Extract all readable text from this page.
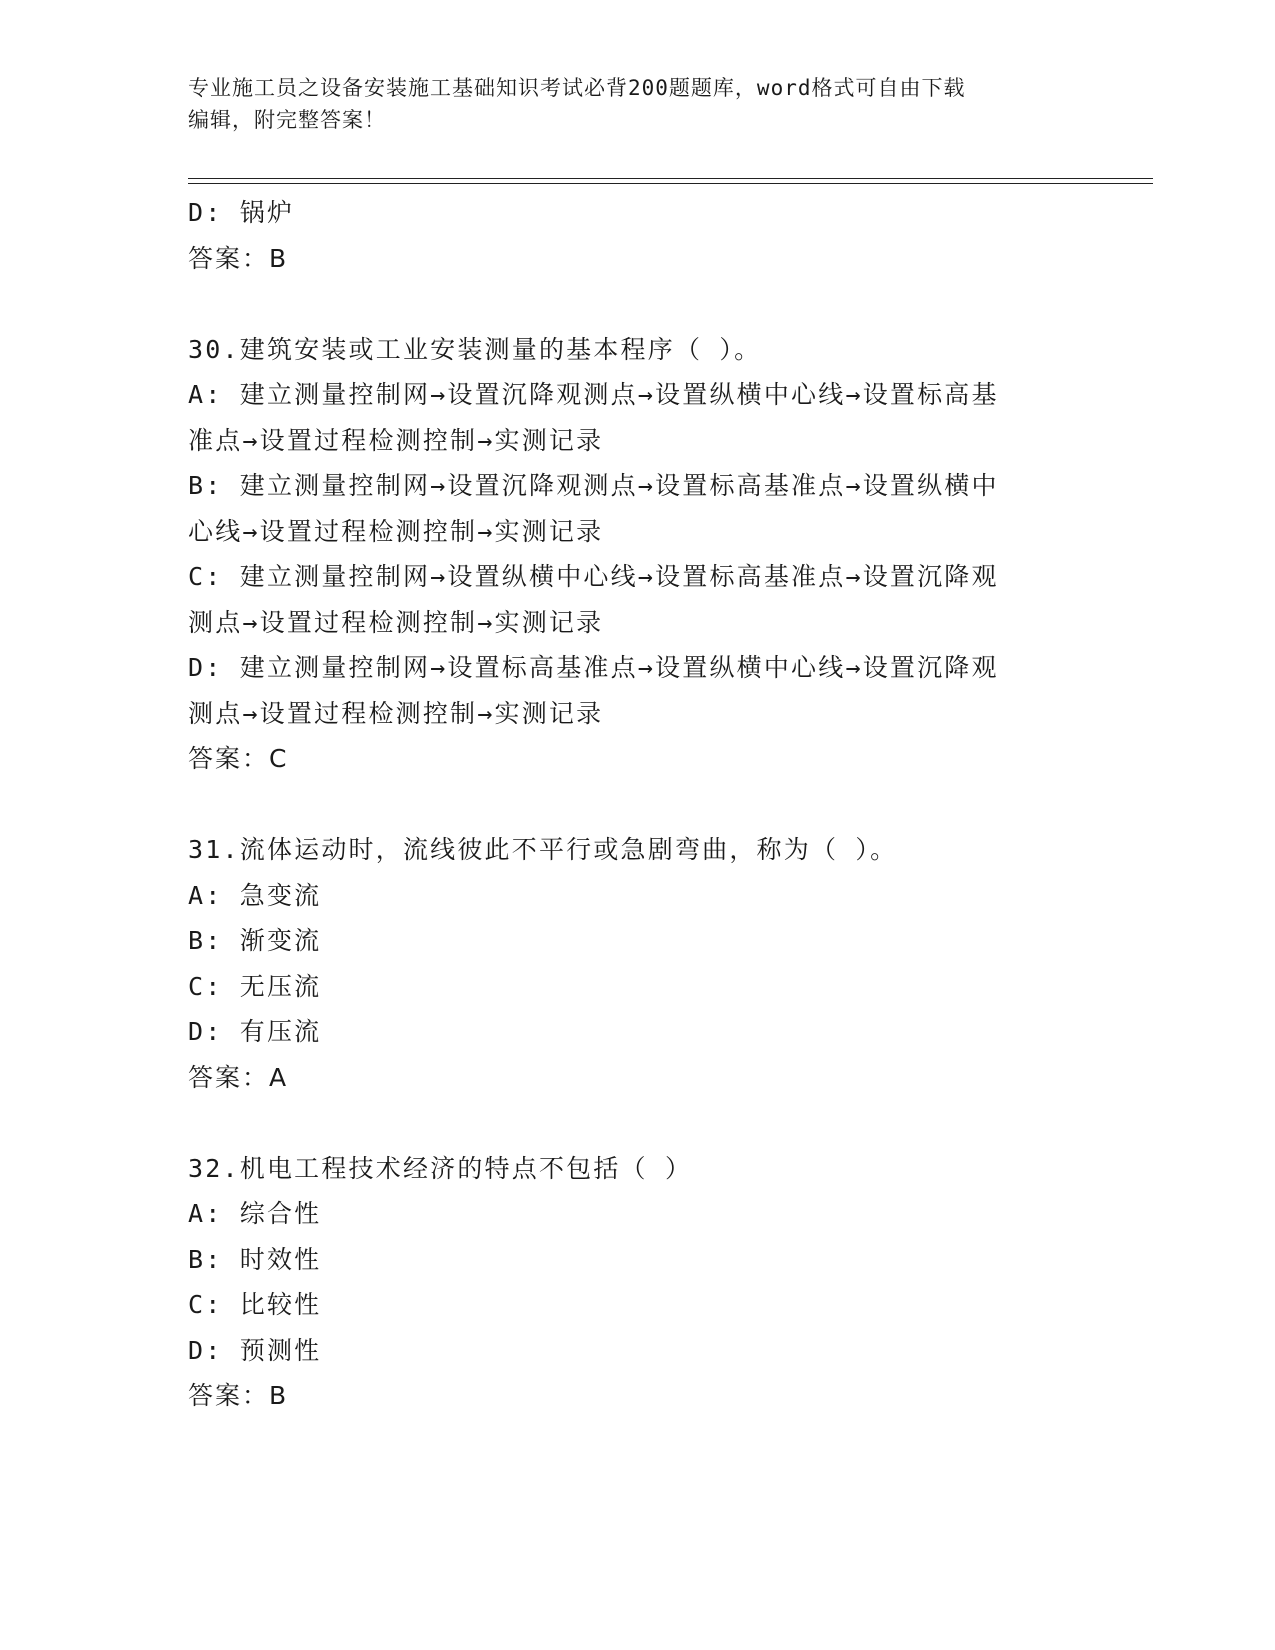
专业施工员之设备安装施工基础知识考试必背200题题库，word格式可自由下载
编辑，附完整答案！
D: 锅炉
答案：B
30.建筑安装或工业安装测量的基本程序（ ）。
A: 建立测量控制网→设置沉降观测点→设置纵横中心线→设置标高基
准点→设置过程检测控制→实测记录
B: 建立测量控制网→设置沉降观测点→设置标高基准点→设置纵横中
心线→设置过程检测控制→实测记录
C: 建立测量控制网→设置纵横中心线→设置标高基准点→设置沉降观
测点→设置过程检测控制→实测记录
D: 建立测量控制网→设置标高基准点→设置纵横中心线→设置沉降观
测点→设置过程检测控制→实测记录
答案：C
31.流体运动时，流线彼此不平行或急剧弯曲，称为（ ）。
A: 急变流
B: 渐变流
C: 无压流
D: 有压流
答案：A
32.机电工程技术经济的特点不包括（ ）
A: 综合性
B: 时效性
C: 比较性
D: 预测性
答案：B
